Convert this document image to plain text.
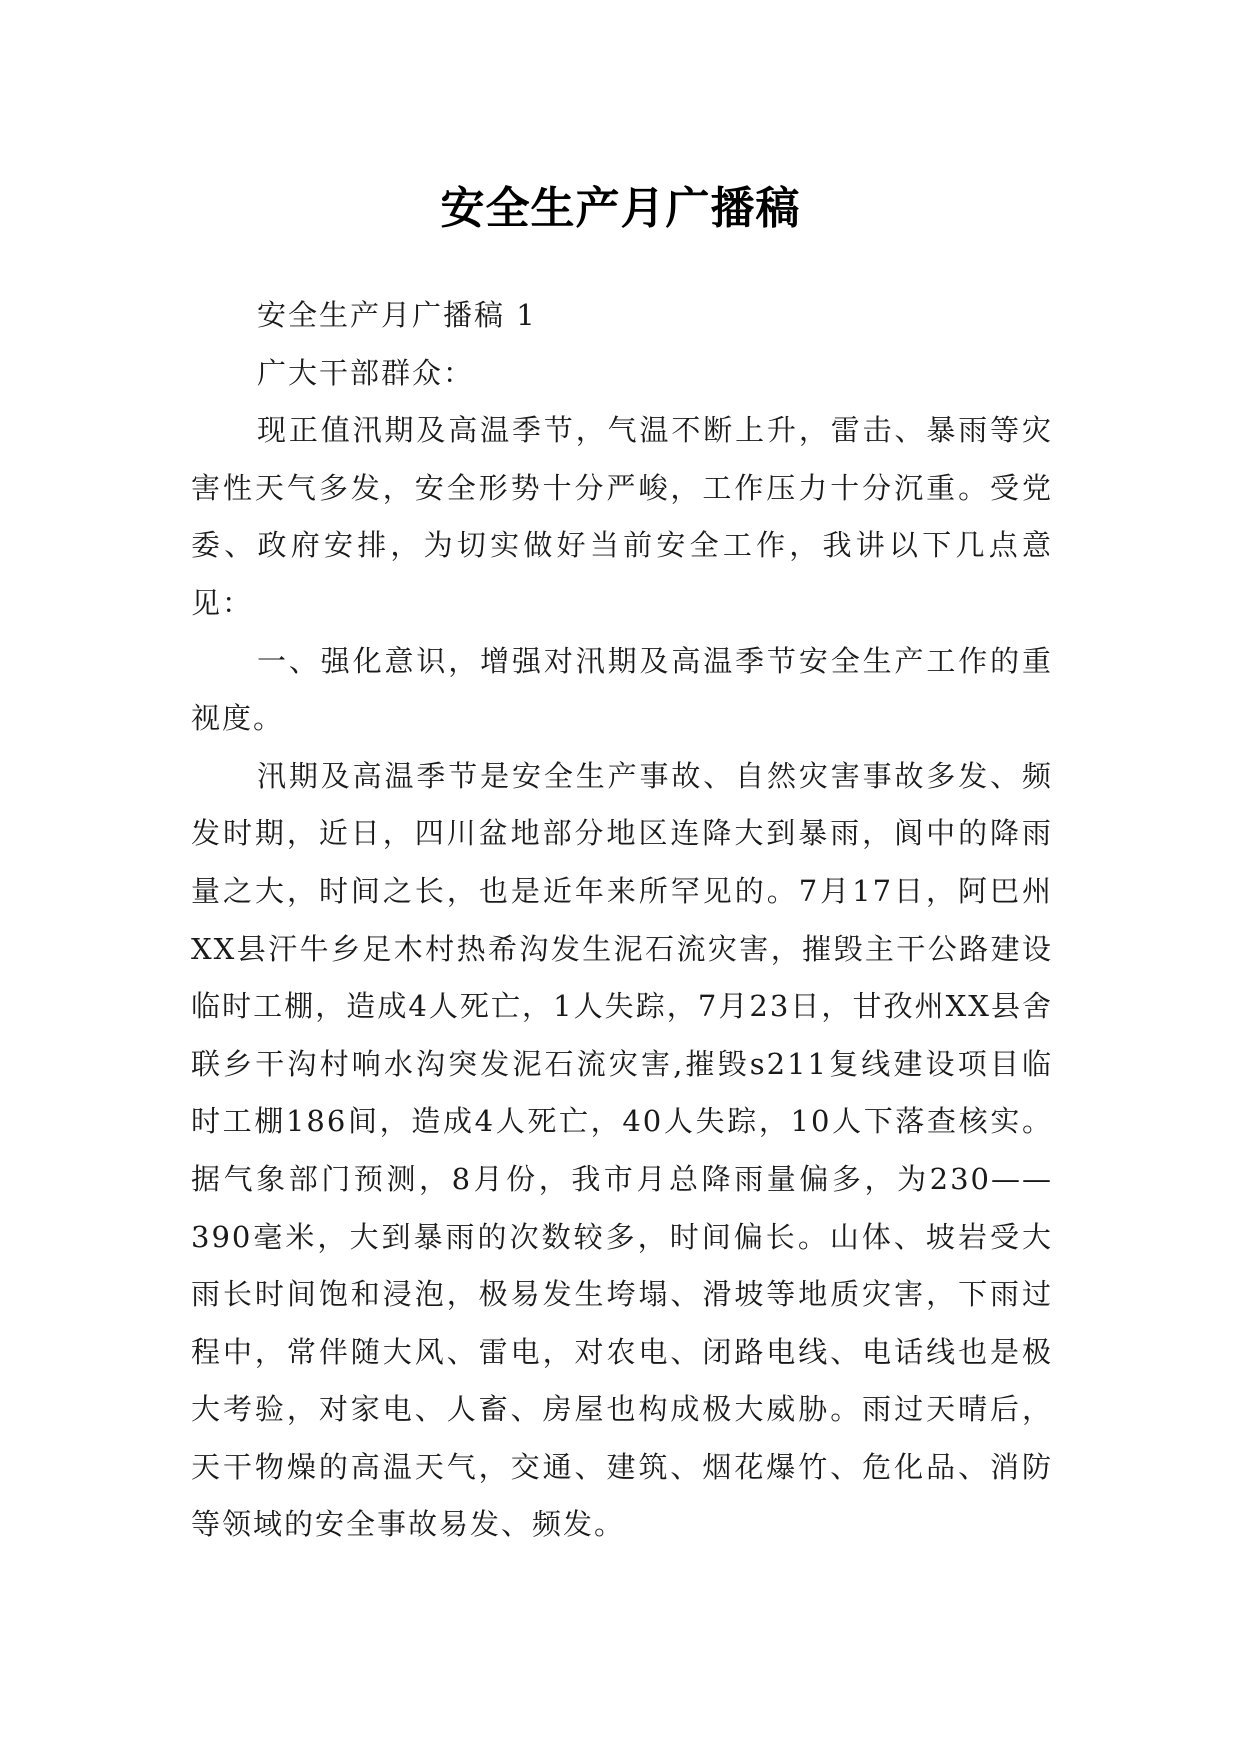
安全生产月广播稿

安全生产月广播稿 1

广大干部群众：

现正值汛期及高温季节，气温不断上升，雷击、暴雨等灾害性天气多发，安全形势十分严峻，工作压力十分沉重。受党委、政府安排，为切实做好当前安全工作，我讲以下几点意见：

一、强化意识，增强对汛期及高温季节安全生产工作的重视度。

汛期及高温季节是安全生产事故、自然灾害事故多发、频发时期，近日，四川盆地部分地区连降大到暴雨，阆中的降雨量之大，时间之长，也是近年来所罕见的。7月17日，阿巴州XX县汗牛乡足木村热希沟发生泥石流灾害，摧毁主干公路建设临时工棚，造成4人死亡，1人失踪，7月23日，甘孜州XX县舍联乡干沟村响水沟突发泥石流灾害,摧毁s211复线建设项目临时工棚186间，造成4人死亡，40人失踪，10人下落查核实。据气象部门预测，8月份，我市月总降雨量偏多，为230——390毫米，大到暴雨的次数较多，时间偏长。山体、坡岩受大雨长时间饱和浸泡，极易发生垮塌、滑坡等地质灾害，下雨过程中，常伴随大风、雷电，对农电、闭路电线、电话线也是极大考验，对家电、人畜、房屋也构成极大威胁。雨过天晴后，天干物燥的高温天气，交通、建筑、烟花爆竹、危化品、消防等领域的安全事故易发、频发。
